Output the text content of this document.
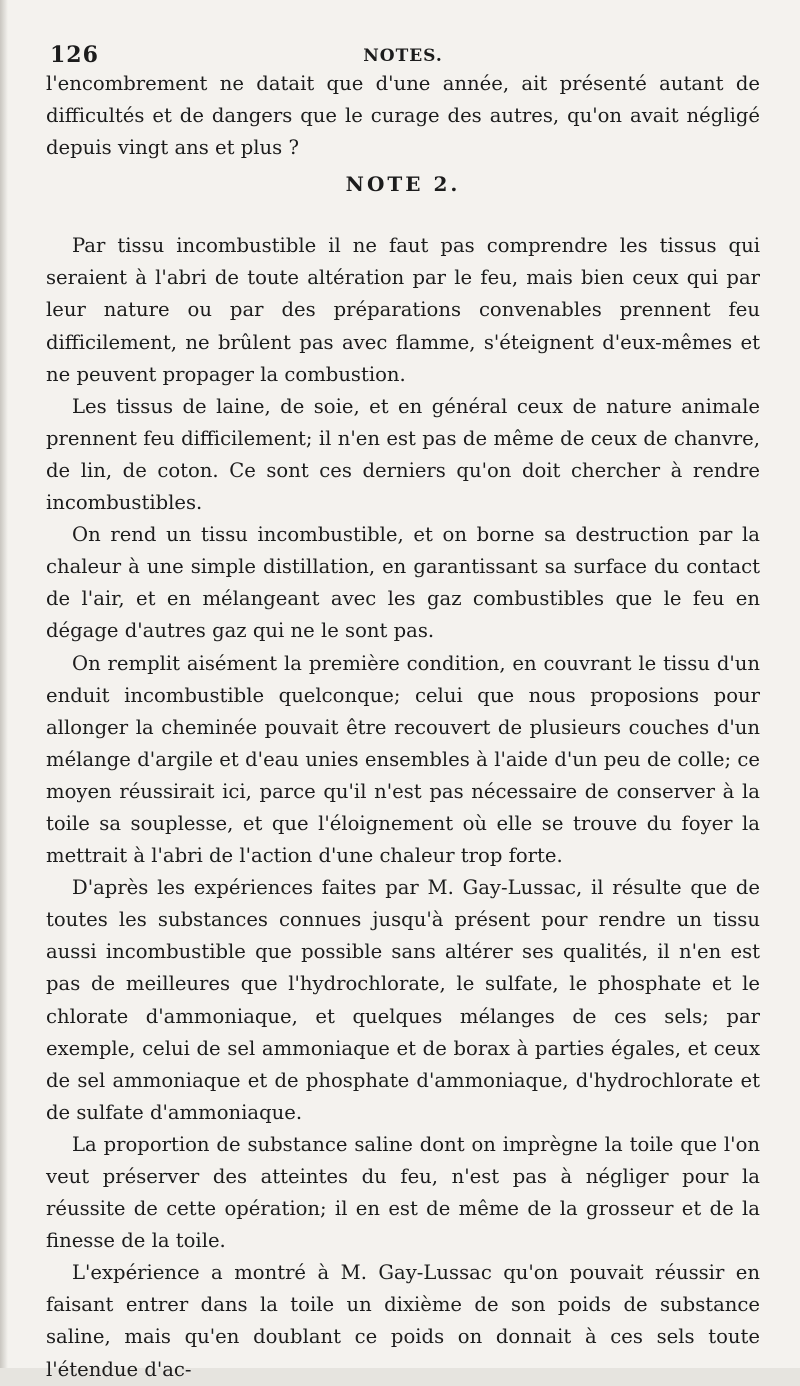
126	NOTES.

l'encombrement ne datait que d'une année, ait présenté autant de difficultés et de dangers que le curage des autres, qu'on avait négligé depuis vingt ans et plus ?

NOTE 2.

Par tissu incombustible il ne faut pas comprendre les tissus qui seraient à l'abri de toute altération par le feu, mais bien ceux qui par leur nature ou par des préparations convenables prennent feu difficilement, ne brûlent pas avec flamme, s'éteignent d'eux-mêmes et ne peuvent propager la combustion.

Les tissus de laine, de soie, et en général ceux de nature animale prennent feu difficilement; il n'en est pas de même de ceux de chanvre, de lin, de coton. Ce sont ces derniers qu'on doit chercher à rendre incombustibles.

On rend un tissu incombustible, et on borne sa destruction par la chaleur à une simple distillation, en garantissant sa surface du contact de l'air, et en mélangeant avec les gaz combustibles que le feu en dégage d'autres gaz qui ne le sont pas.

On remplit aisément la première condition, en couvrant le tissu d'un enduit incombustible quelconque; celui que nous proposions pour allonger la cheminée pouvait être recouvert de plusieurs couches d'un mélange d'argile et d'eau unies ensembles à l'aide d'un peu de colle; ce moyen réussirait ici, parce qu'il n'est pas nécessaire de conserver à la toile sa souplesse, et que l'éloignement où elle se trouve du foyer la mettrait à l'abri de l'action d'une chaleur trop forte.

D'après les expériences faites par M. Gay-Lussac, il résulte que de toutes les substances connues jusqu'à présent pour rendre un tissu aussi incombustible que possible sans altérer ses qualités, il n'en est pas de meilleures que l'hydrochlorate, le sulfate, le phosphate et le chlorate d'ammoniaque, et quelques mélanges de ces sels; par exemple, celui de sel ammoniaque et de borax à parties égales, et ceux de sel ammoniaque et de phosphate d'ammoniaque, d'hydrochlorate et de sulfate d'ammoniaque.

La proportion de substance saline dont on imprègne la toile que l'on veut préserver des atteintes du feu, n'est pas à négliger pour la réussite de cette opération; il en est de même de la grosseur et de la finesse de la toile.

L'expérience a montré à M. Gay-Lussac qu'on pouvait réussir en faisant entrer dans la toile un dixième de son poids de substance saline, mais qu'en doublant ce poids on donnait à ces sels toute l'étendue d'ac-
